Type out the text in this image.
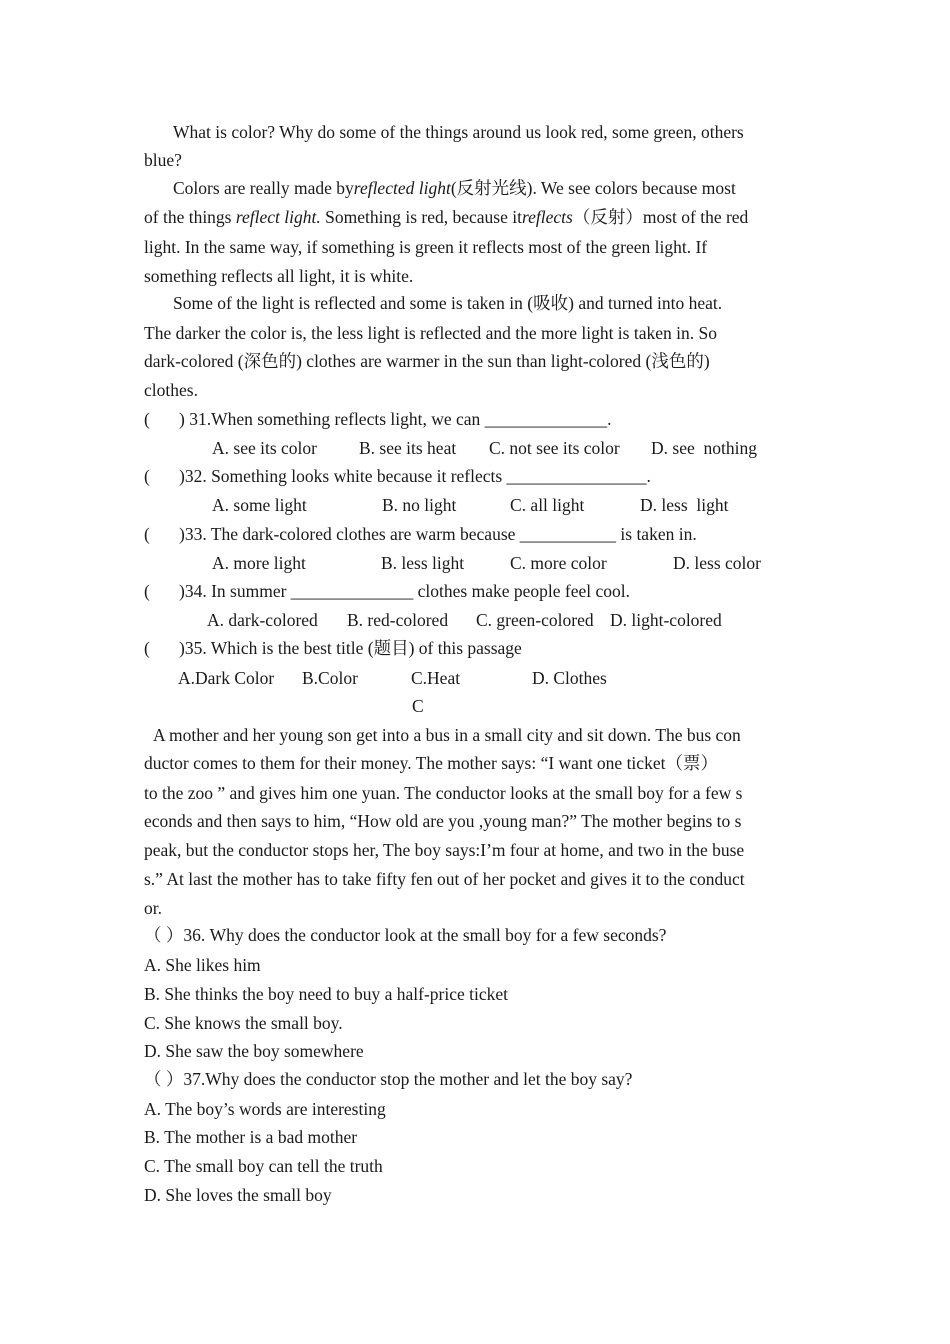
What is color? Why do some of the things around us look red, some green, others
blue?
Colors are really made byreflected light(反射光线). We see colors because most
of the things reflect light. Something is red, because itreflects（反射）most of the red
light. In the same way, if something is green it reflects most of the green light. If
something reflects all light, it is white.
Some of the light is reflected and some is taken in (吸收) and turned into heat.
The darker the color is, the less light is reflected and the more light is taken in. So
dark-colored (深色的) clothes are warmer in the sun than light-colored (浅色的)
clothes.
( ) 31.When something reflects light, we can ______________.
A. see its color B. see its heat C. not see its color D. see  nothing
( )32. Something looks white because it reflects ________________.
A. some light	B. no light	C. all light	D. less  light
( )33. The dark-colored clothes are warm because ___________ is taken in.
A. more light	B. less light	C. more color	D. less color
( )34. In summer ______________ clothes make people feel cool.
A. dark-colored B. red-colored C. green-colored D. light-colored
( )35. Which is the best title (题目) of this passage
A.Dark Color B.Color	C.Heat	D. Clothes
C
A mother and her young son get into a bus in a small city and sit down. The bus con
ductor comes to them for their money. The mother says: “I want one ticket（票）
to the zoo ” and gives him one yuan. The conductor looks at the small boy for a few s
econds and then says to him, “How old are you ,young man?” The mother begins to s
peak, but the conductor stops her, The boy says:I’m four at home, and two in the buse
s.” At last the mother has to take fifty fen out of her pocket and gives it to the conduct
or.
（ ）36. Why does the conductor look at the small boy for a few seconds?
A. She likes him
B. She thinks the boy need to buy a half-price ticket
C. She knows the small boy.
D. She saw the boy somewhere
（ ）37.Why does the conductor stop the mother and let the boy say?
A. The boy’s words are interesting
B. The mother is a bad mother
C. The small boy can tell the truth
D. She loves the small boy
